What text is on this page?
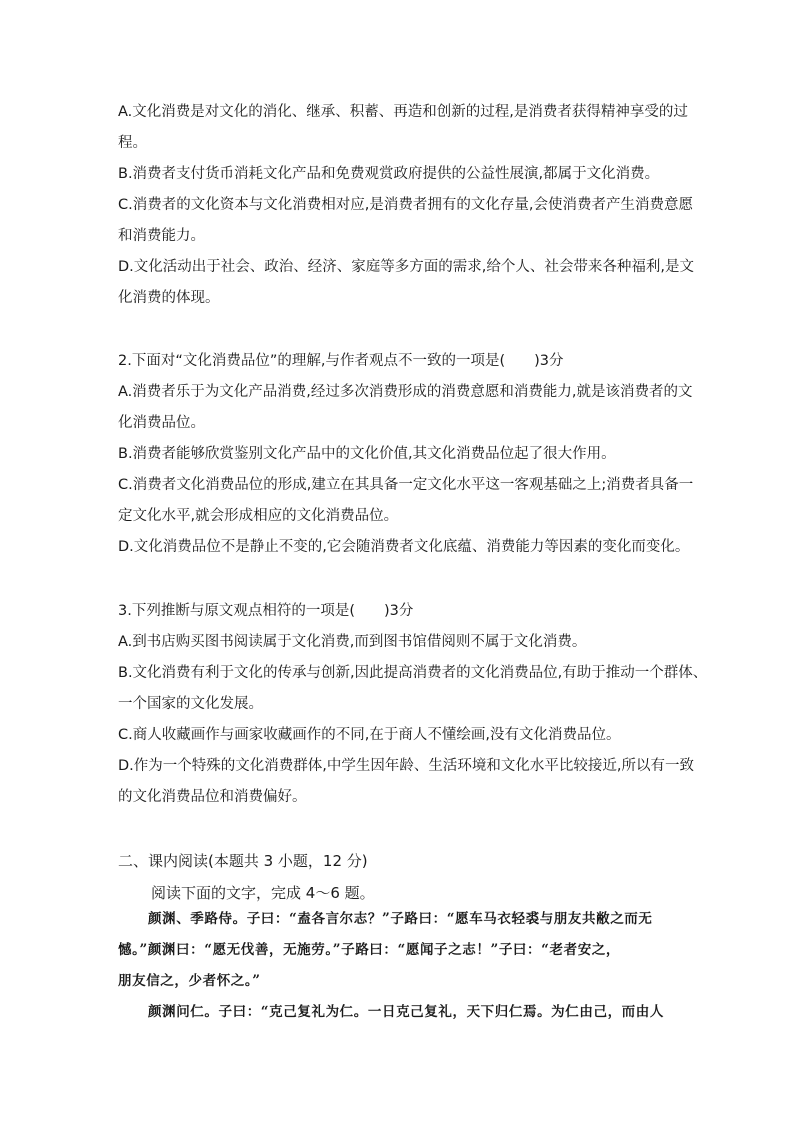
A.文化消费是对文化的消化、继承、积蓄、再造和创新的过程,是消费者获得精神享受的过
程。
B.消费者支付货币消耗文化产品和免费观赏政府提供的公益性展演,都属于文化消费。
C.消费者的文化资本与文化消费相对应,是消费者拥有的文化存量,会使消费者产生消费意愿
和消费能力。
D.文化活动出于社会、政治、经济、家庭等多方面的需求,给个人、社会带来各种福利,是文
化消费的体现。
2.下面对“文化消费品位”的理解,与作者观点不一致的一项是(　　)3分
A.消费者乐于为文化产品消费,经过多次消费形成的消费意愿和消费能力,就是该消费者的文
化消费品位。
B.消费者能够欣赏鉴别文化产品中的文化价值,其文化消费品位起了很大作用。
C.消费者文化消费品位的形成,建立在其具备一定文化水平这一客观基础之上;消费者具备一
定文化水平,就会形成相应的文化消费品位。
D.文化消费品位不是静止不变的,它会随消费者文化底蕴、消费能力等因素的变化而变化。
3.下列推断与原文观点相符的一项是(　　)3分
A.到书店购买图书阅读属于文化消费,而到图书馆借阅则不属于文化消费。
B.文化消费有利于文化的传承与创新,因此提高消费者的文化消费品位,有助于推动一个群体、
一个国家的文化发展。
C.商人收藏画作与画家收藏画作的不同,在于商人不懂绘画,没有文化消费品位。
D.作为一个特殊的文化消费群体,中学生因年龄、生活环境和文化水平比较接近,所以有一致
的文化消费品位和消费偏好。
二、课内阅读(本题共 3 小题，12 分)
阅读下面的文字，完成 4～6 题。
颜渊、季路侍。子曰：“盍各言尔志？”子路曰：“愿车马衣轻裘与朋友共敝之而无
憾。”颜渊曰：“愿无伐善，无施劳。”子路曰：“愿闻子之志！”子曰：“老者安之，
朋友信之，少者怀之。”
颜渊问仁。子曰：“克己复礼为仁。一日克己复礼，天下归仁焉。为仁由己，而由人
